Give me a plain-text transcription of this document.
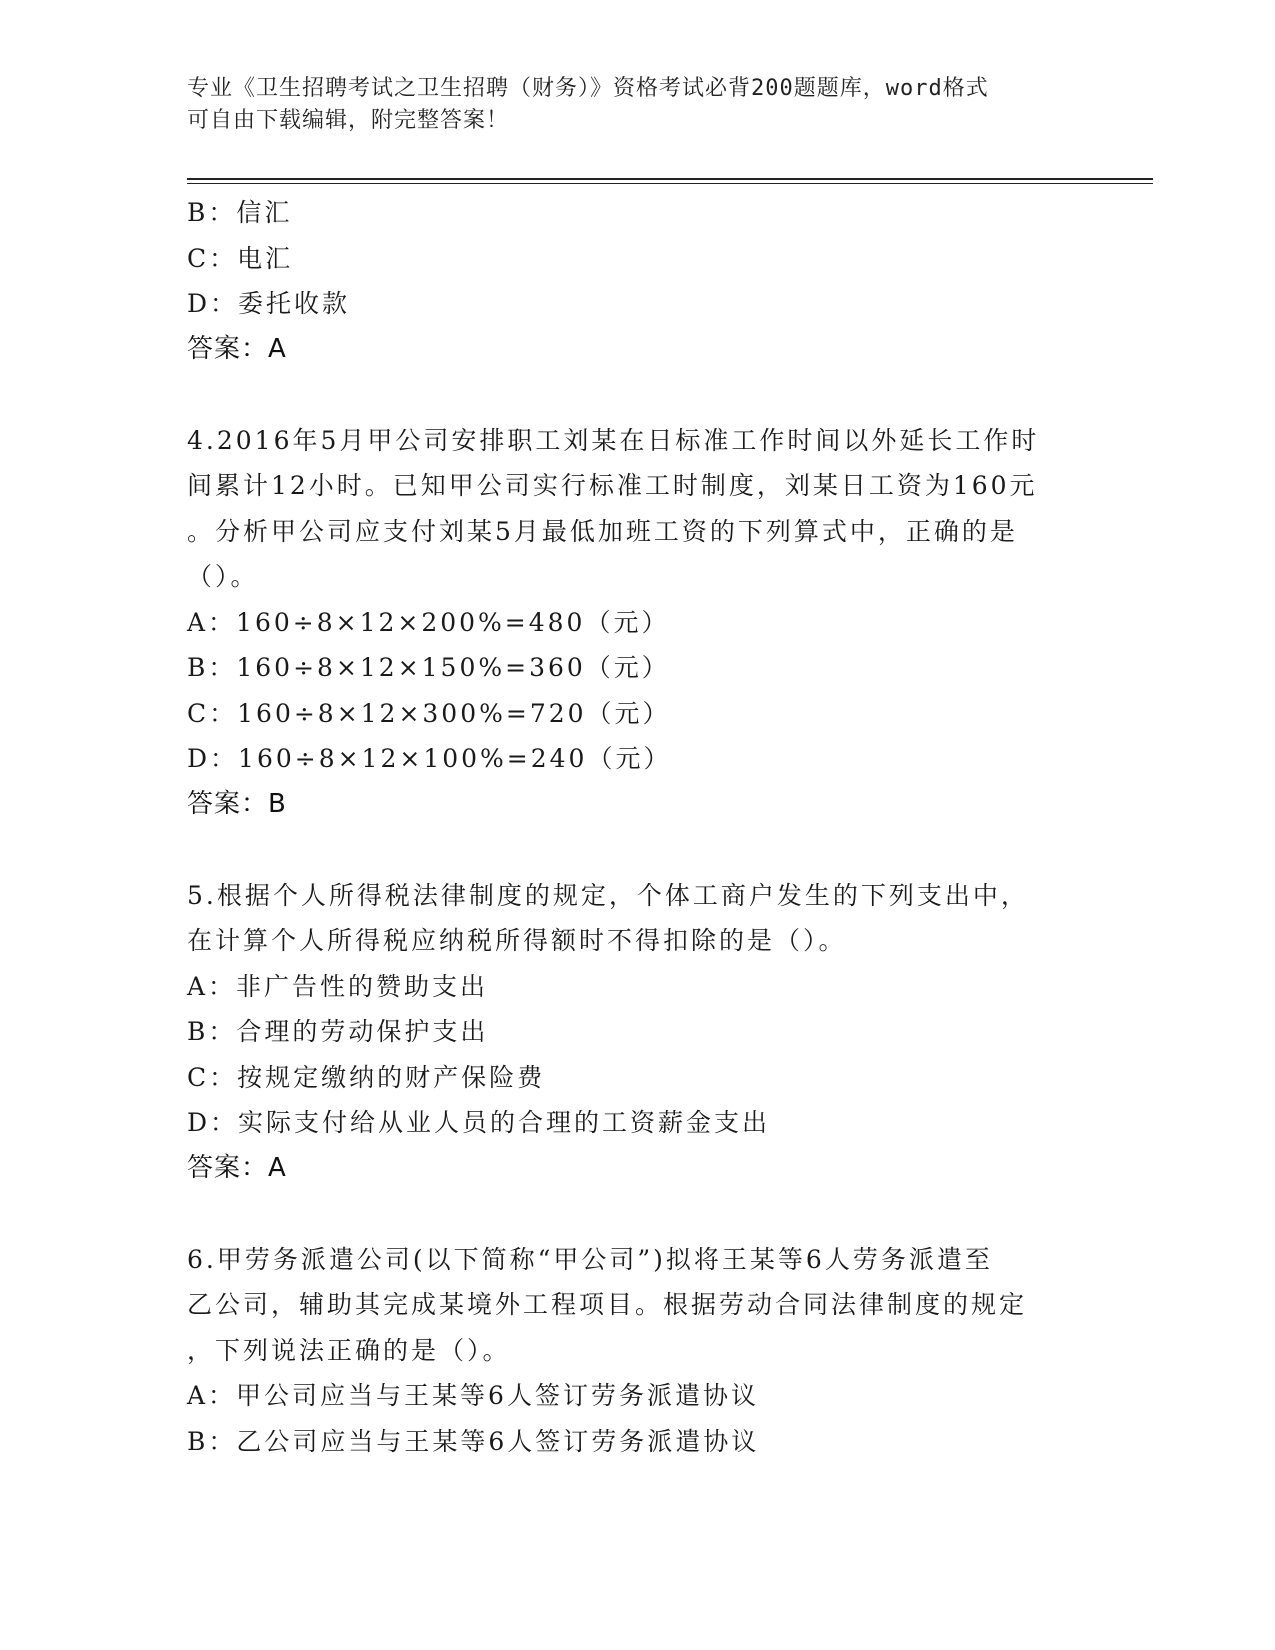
专业《卫生招聘考试之卫生招聘（财务）》资格考试必背200题题库，word格式
可自由下载编辑，附完整答案！
B：信汇
C：电汇
D：委托收款
答案：A
4.2016年5月甲公司安排职工刘某在日标准工作时间以外延长工作时
间累计12小时。已知甲公司实行标准工时制度，刘某日工资为160元
。分析甲公司应支付刘某5月最低加班工资的下列算式中，正确的是
（）。
A：160÷8×12×200%=480（元）
B：160÷8×12×150%=360（元）
C：160÷8×12×300%=720（元）
D：160÷8×12×100%=240（元）
答案：B
5.根据个人所得税法律制度的规定，个体工商户发生的下列支出中，
在计算个人所得税应纳税所得额时不得扣除的是（）。
A：非广告性的赞助支出
B：合理的劳动保护支出
C：按规定缴纳的财产保险费
D：实际支付给从业人员的合理的工资薪金支出
答案：A
6.甲劳务派遣公司(以下简称“甲公司”)拟将王某等6人劳务派遣至
乙公司，辅助其完成某境外工程项目。根据劳动合同法律制度的规定
，下列说法正确的是（）。
A：甲公司应当与王某等6人签订劳务派遣协议
B：乙公司应当与王某等6人签订劳务派遣协议
